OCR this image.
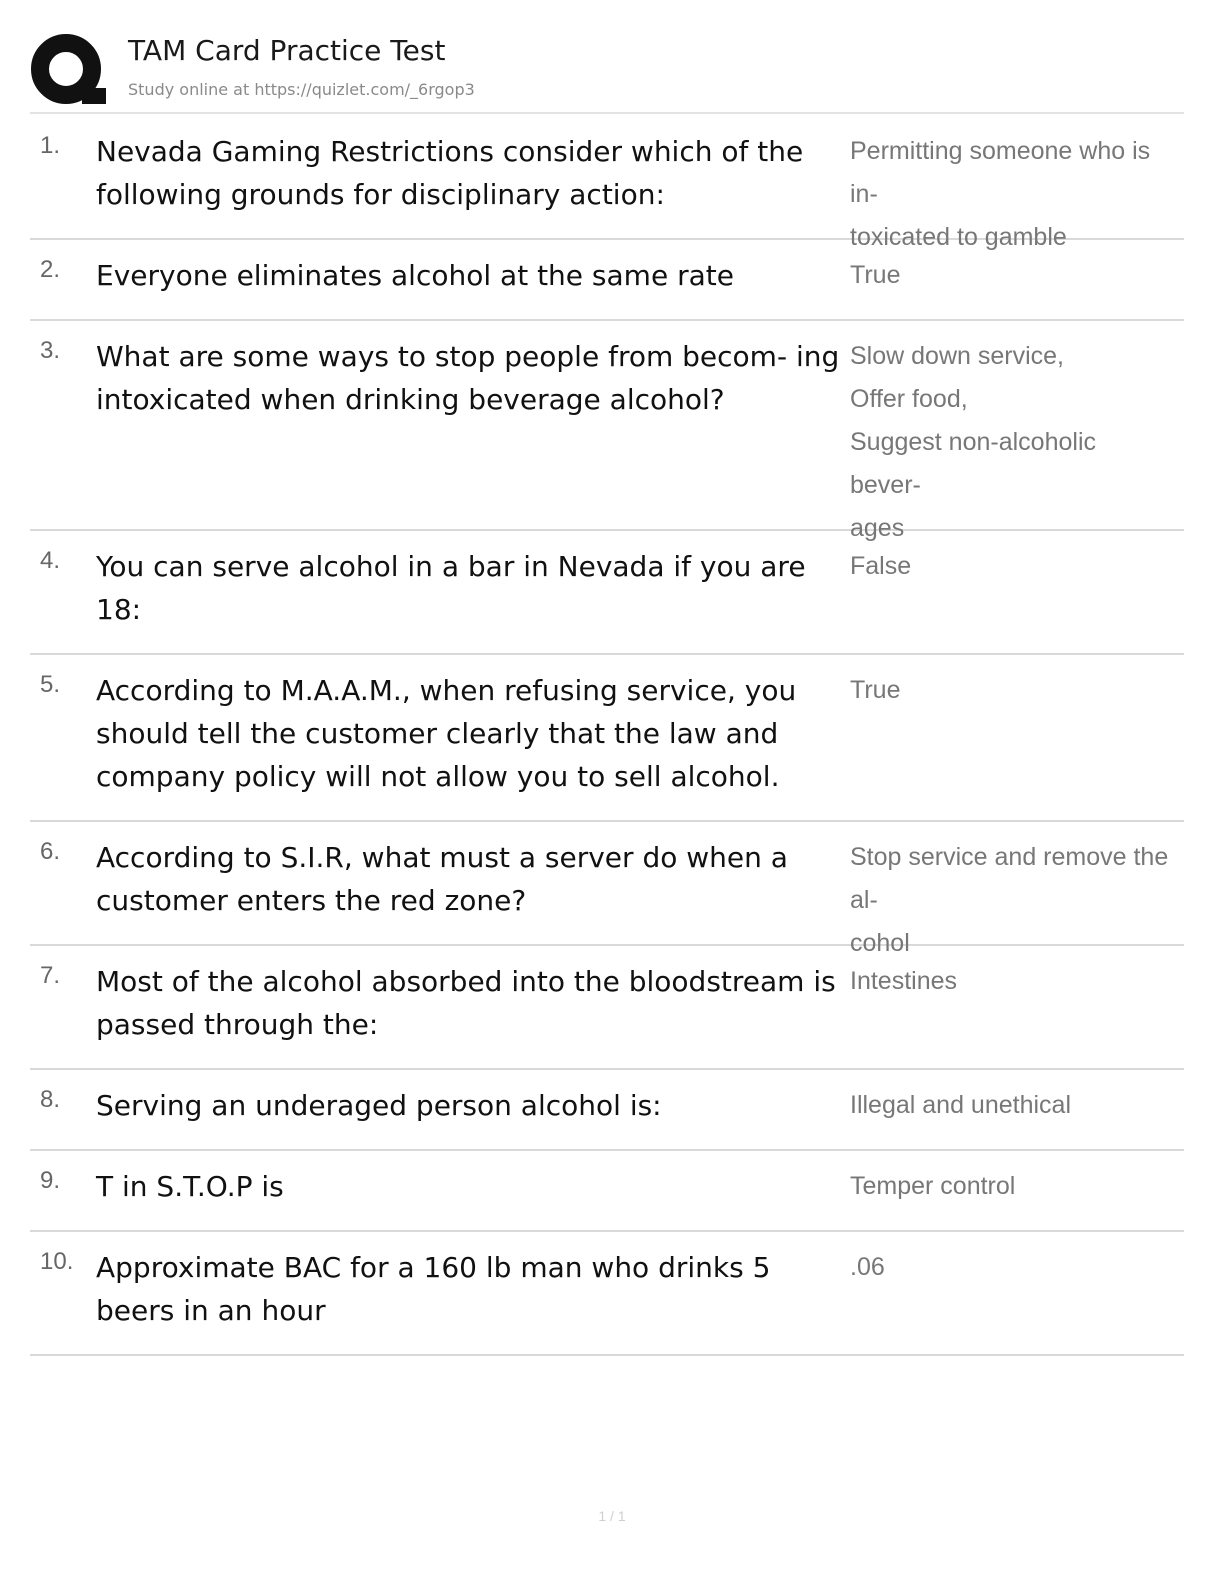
TAM Card Practice Test
Study online at https://quizlet.com/_6rgop3
1. Nevada Gaming Restrictions consider which of the following grounds for disciplinary action:
Permitting someone who is in-
toxicated to gamble
2. Everyone eliminates alcohol at the same rate	True
3. What are some ways to stop people from becom- ing intoxicated when drinking beverage alcohol?
Slow down service,
Offer food,
Suggest non-alcoholic bever-
ages
4. You can serve alcohol in a bar in Nevada if you are 18:
False
5. According to M.A.A.M., when refusing service, you should tell the customer clearly that the law and company policy will not allow you to sell alcohol.
True
6. According to S.I.R, what must a server do when a customer enters the red zone?
Stop service and remove the al-
cohol
7. Most of the alcohol absorbed into the bloodstream is passed through the:
Intestines
8. Serving an underaged person alcohol is:	Illegal and unethical
9. T in S.T.O.P is	Temper control
10. Approximate BAC for a 160 lb man who drinks 5 beers in an hour
.06
1 / 1
